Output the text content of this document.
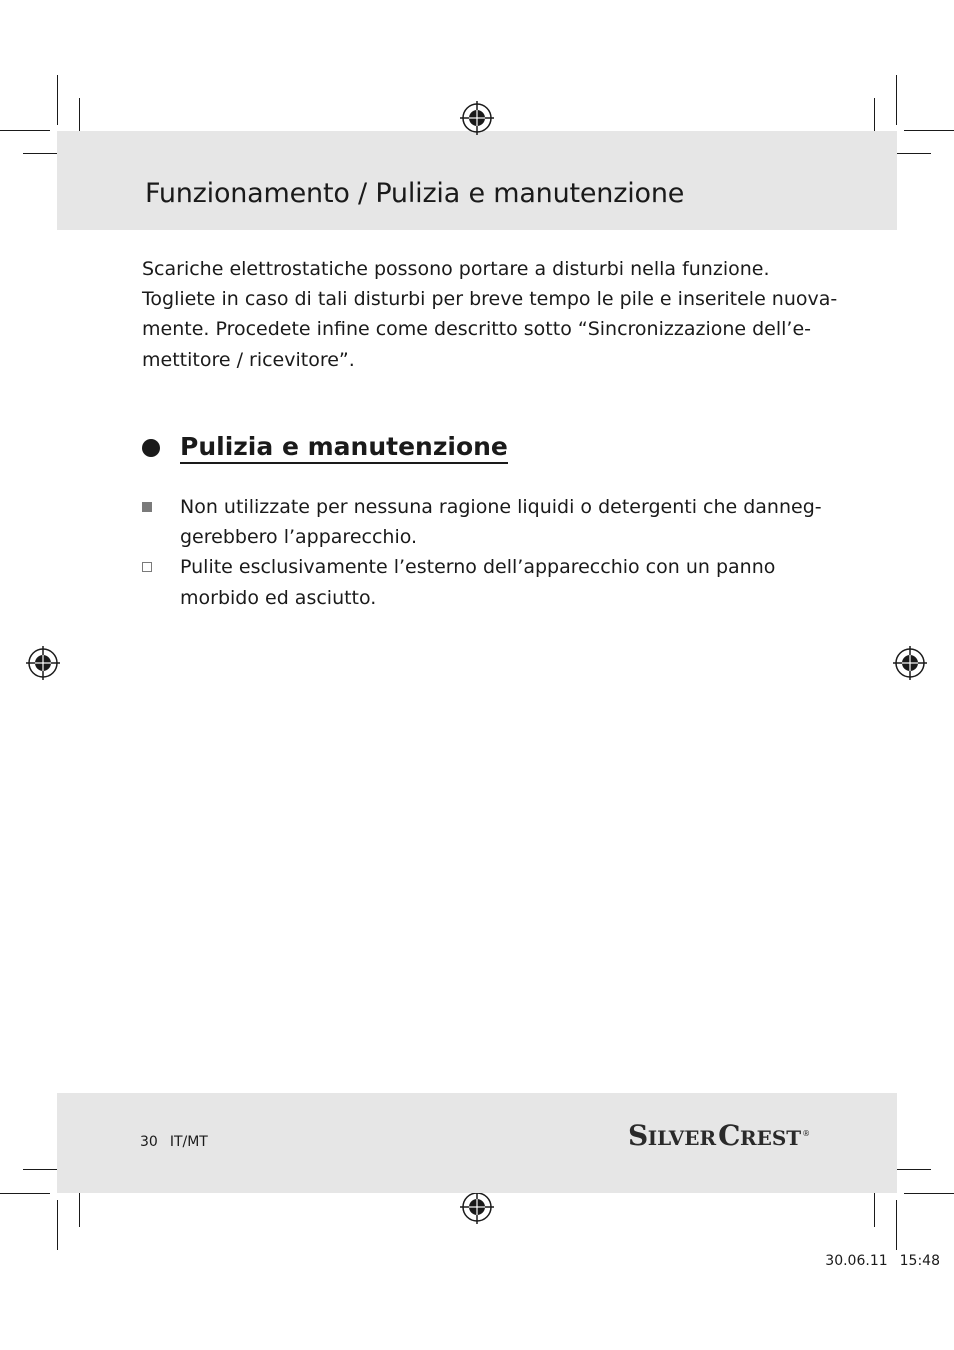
Funzionamento / Pulizia e manutenzione

Scariche elettrostatiche possono portare a disturbi nella funzione.
Togliete in caso di tali disturbi per breve tempo le pile e inseritele nuova-
mente. Procedete infine come descritto sotto “Sincronizzazione dell’e-
mettitore / ricevitore”.

Pulizia e manutenzione
Non utilizzate per nessuna ragione liquidi o detergenti che danneg-
gerebbero l’apparecchio.
Pulite esclusivamente l’esterno dell’apparecchio con un panno
morbido ed asciutto.
30 IT/MT	S ILVER C REST ®
30.06.11 15:48
